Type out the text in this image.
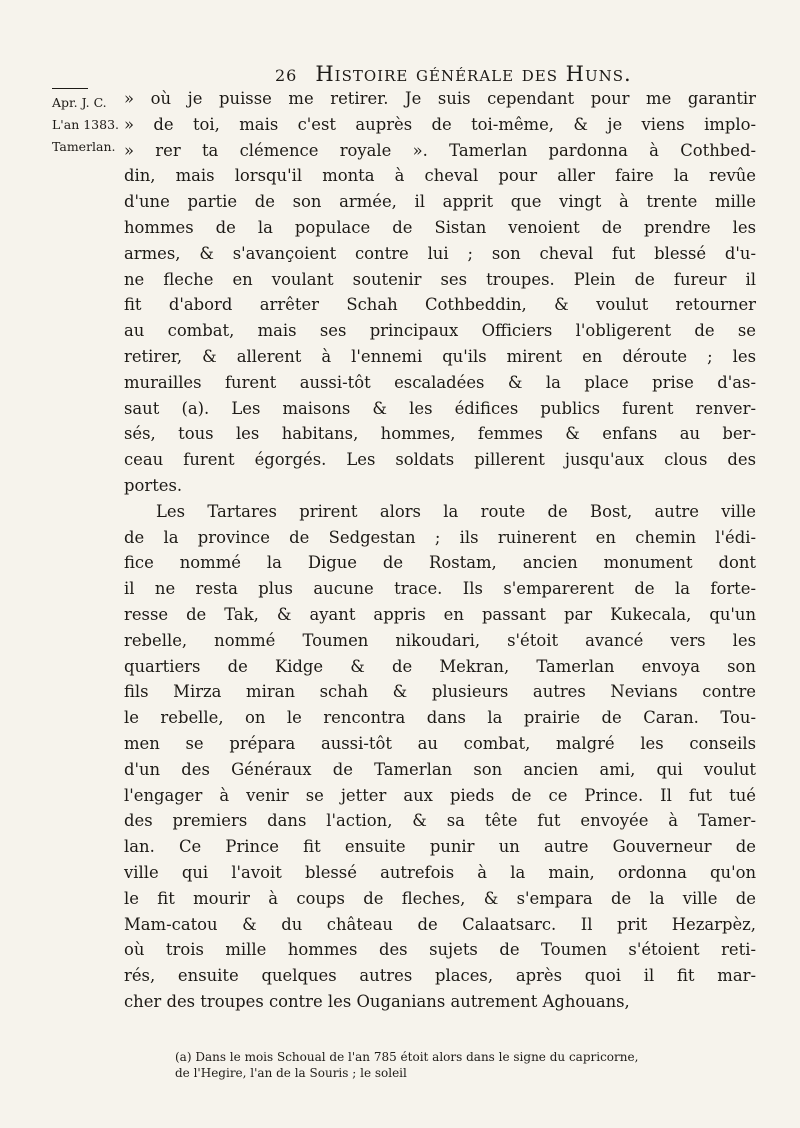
26 Histoire générale des Huns.
Apr. J. C.
L'an 1383.
Tamerlan.
» où je puisse me retirer. Je suis cependant pour me garantir
» de toi, mais c'est auprès de toi-même, & je viens implo-
» rer ta clémence royale ». Tamerlan pardonna à Cothbed-
din, mais lorsqu'il monta à cheval pour aller faire la revûe
d'une partie de son armée, il apprit que vingt à trente mille
hommes de la populace de Sistan venoient de prendre les
armes, & s'avançoient contre lui ; son cheval fut blessé d'u-
ne fleche en voulant soutenir ses troupes. Plein de fureur il
fit d'abord arrêter Schah Cothbeddin, & voulut retourner
au combat, mais ses principaux Officiers l'obligerent de se
retirer, & allerent à l'ennemi qu'ils mirent en déroute ; les
murailles furent aussi-tôt escaladées & la place prise d'as-
saut (a). Les maisons & les édifices publics furent renver-
sés, tous les habitans, hommes, femmes & enfans au ber-
ceau furent égorgés. Les soldats pillerent jusqu'aux clous des
portes.
Les Tartares prirent alors la route de Bost, autre ville
de la province de Sedgestan ; ils ruinerent en chemin l'édi-
fice nommé la Digue de Rostam, ancien monument dont
il ne resta plus aucune trace. Ils s'emparerent de la forte-
resse de Tak, & ayant appris en passant par Kukecala, qu'un
rebelle, nommé Toumen nikoudari, s'étoit avancé vers les
quartiers de Kidge & de Mekran, Tamerlan envoya son
fils Mirza miran schah & plusieurs autres Nevians contre
le rebelle, on le rencontra dans la prairie de Caran. Tou-
men se prépara aussi-tôt au combat, malgré les conseils
d'un des Généraux de Tamerlan son ancien ami, qui voulut
l'engager à venir se jetter aux pieds de ce Prince. Il fut tué
des premiers dans l'action, & sa tête fut envoyée à Tamer-
lan. Ce Prince fit ensuite punir un autre Gouverneur de
ville qui l'avoit blessé autrefois à la main, ordonna qu'on
le fit mourir à coups de fleches, & s'empara de la ville de
Mam-catou & du château de Calaatsarc. Il prit Hezarpèz,
où trois mille hommes des sujets de Toumen s'étoient reti-
rés, ensuite quelques autres places, après quoi il fit mar-
cher des troupes contre les Ouganians autrement Aghouans,
(a) Dans le mois Schoual de l'an 785 étoit alors dans le signe du capricorne,
de l'Hegire, l'an de la Souris ; le soleil
